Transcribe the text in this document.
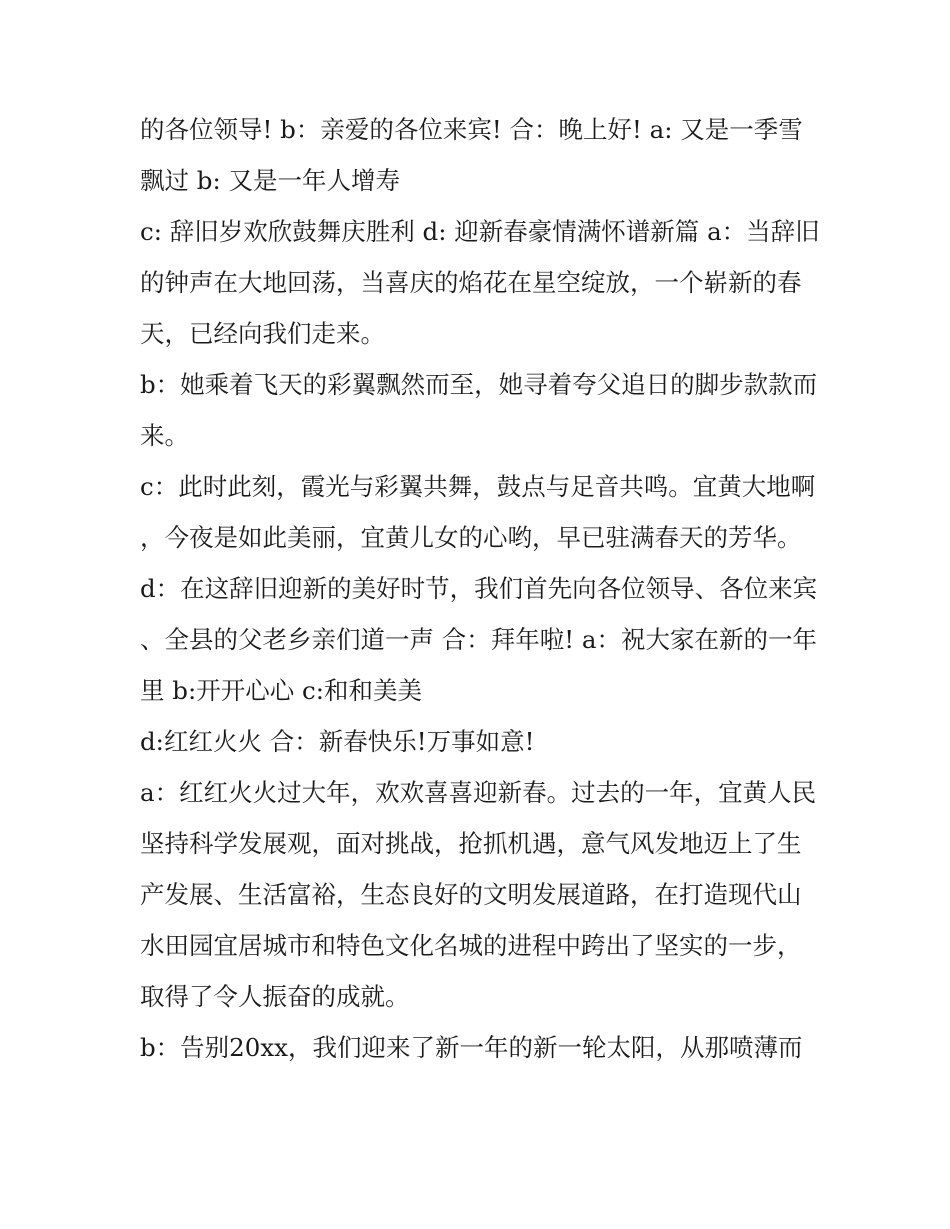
的各位领导! b：亲爱的各位来宾! 合：晚上好! a: 又是一季雪飘过 b: 又是一年人增寿

c: 辞旧岁欢欣鼓舞庆胜利 d: 迎新春豪情满怀谱新篇 a：当辞旧的钟声在大地回荡，当喜庆的焰花在星空绽放，一个崭新的春天，已经向我们走来。

b：她乘着飞天的彩翼飘然而至，她寻着夸父追日的脚步款款而来。

c：此时此刻，霞光与彩翼共舞，鼓点与足音共鸣。宜黄大地啊，今夜是如此美丽，宜黄儿女的心哟，早已驻满春天的芳华。

d：在这辞旧迎新的美好时节，我们首先向各位领导、各位来宾、全县的父老乡亲们道一声 合：拜年啦! a：祝大家在新的一年里 b:开开心心 c:和和美美

d:红红火火 合：新春快乐!万事如意!

a：红红火火过大年，欢欢喜喜迎新春。过去的一年，宜黄人民坚持科学发展观，面对挑战，抢抓机遇，意气风发地迈上了生产发展、生活富裕，生态良好的文明发展道路，在打造现代山水田园宜居城市和特色文化名城的进程中跨出了坚实的一步，取得了令人振奋的成就。

b：告别20xx，我们迎来了新一年的新一轮太阳，从那喷薄而
